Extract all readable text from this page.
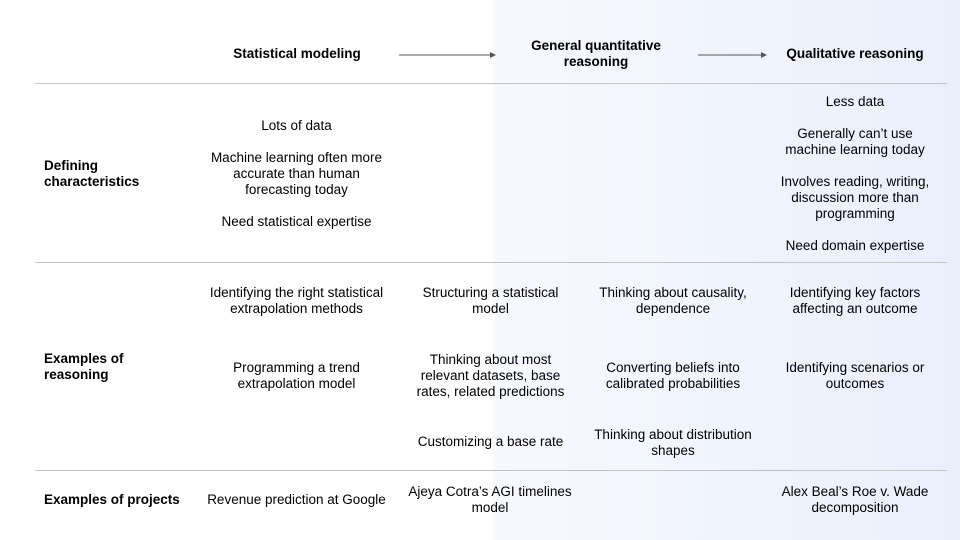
Statistical modeling
General quantitative reasoning
Qualitative reasoning
Defining characteristics

Lots of data

Machine learning often more accurate than human forecasting today

Need statistical expertise

Less data

Generally can’t use machine learning today

Involves reading, writing, discussion more than programming

Need domain expertise

Examples of reasoning
Identifying the right statistical extrapolation methods
Programming a trend extrapolation model
Structuring a statistical model
Thinking about most relevant datasets, base rates, related predictions
Customizing a base rate
Thinking about causality, dependence
Converting beliefs into calibrated probabilities
Thinking about distribution shapes
Identifying key factors affecting an outcome
Identifying scenarios or outcomes
Examples of projects	Revenue prediction at Google
Ajeya Cotra’s AGI timelines model
Alex Beal’s Roe v. Wade decomposition
